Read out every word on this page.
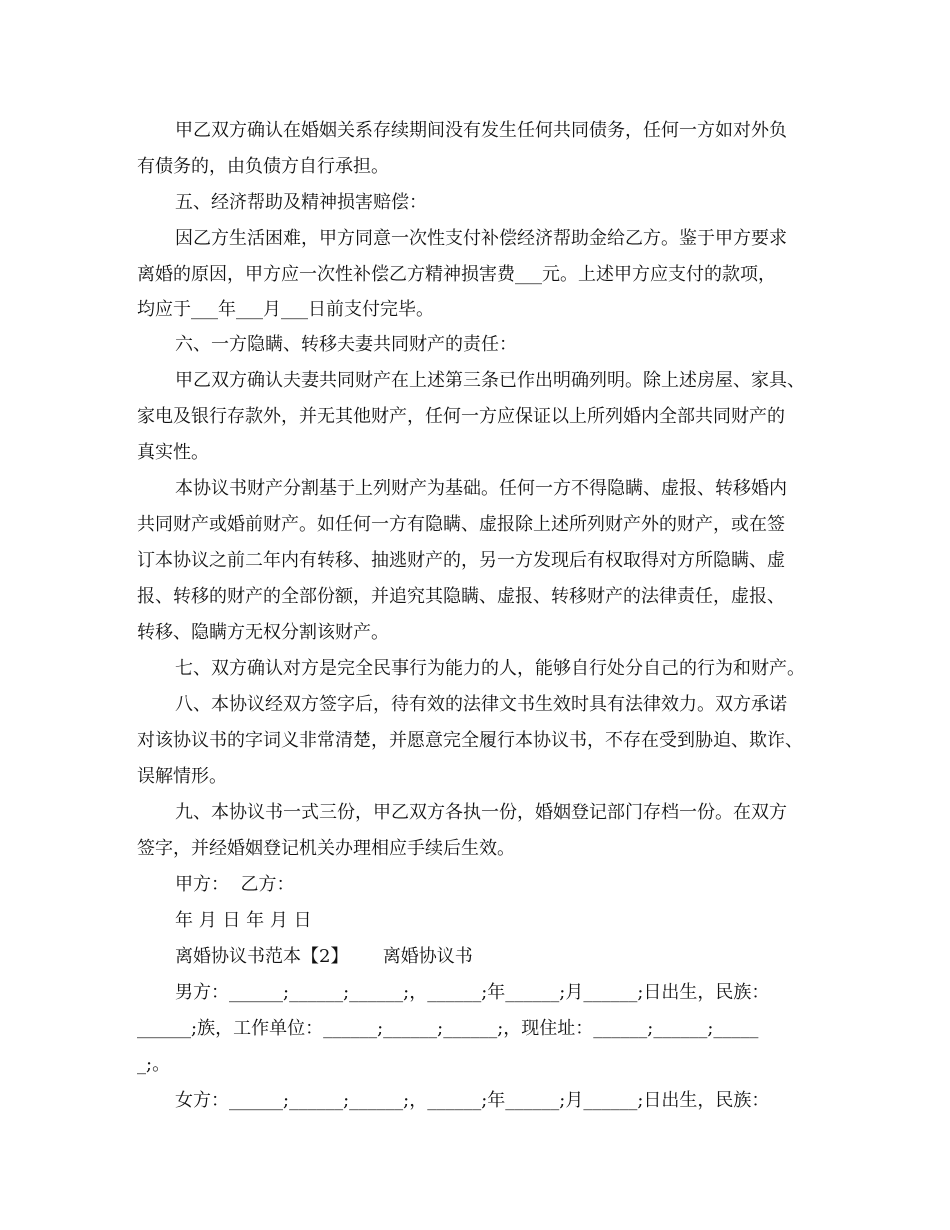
甲乙双方确认在婚姻关系存续期间没有发生任何共同债务，任何一方如对外负
有债务的，由负债方自行承担。
五、经济帮助及精神损害赔偿：
因乙方生活困难，甲方同意一次性支付补偿经济帮助金给乙方。鉴于甲方要求
离婚的原因，甲方应一次性补偿乙方精神损害费___元。上述甲方应支付的款项，
均应于___年___月___日前支付完毕。
六、一方隐瞒、转移夫妻共同财产的责任：
甲乙双方确认夫妻共同财产在上述第三条已作出明确列明。除上述房屋、家具、
家电及银行存款外，并无其他财产，任何一方应保证以上所列婚内全部共同财产的
真实性。
本协议书财产分割基于上列财产为基础。任何一方不得隐瞒、虚报、转移婚内
共同财产或婚前财产。如任何一方有隐瞒、虚报除上述所列财产外的财产，或在签
订本协议之前二年内有转移、抽逃财产的，另一方发现后有权取得对方所隐瞒、虚
报、转移的财产的全部份额，并追究其隐瞒、虚报、转移财产的法律责任，虚报、
转移、隐瞒方无权分割该财产。
七、双方确认对方是完全民事行为能力的人，能够自行处分自己的行为和财产。
八、本协议经双方签字后，待有效的法律文书生效时具有法律效力。双方承诺
对该协议书的字词义非常清楚，并愿意完全履行本协议书，不存在受到胁迫、欺诈、
误解情形。
九、本协议书一式三份，甲乙双方各执一份，婚姻登记部门存档一份。在双方
签字，并经婚姻登记机关办理相应手续后生效。
甲方：  乙方：
年 月 日 年 月 日
离婚协议书范本【2】      离婚协议书
男方：______;______;______;，______;年______;月______;日出生，民族：
______;族，工作单位：______;______;______;，现住址：______;______;_____
_;。
女方：______;______;______;，______;年______;月______;日出生，民族：
